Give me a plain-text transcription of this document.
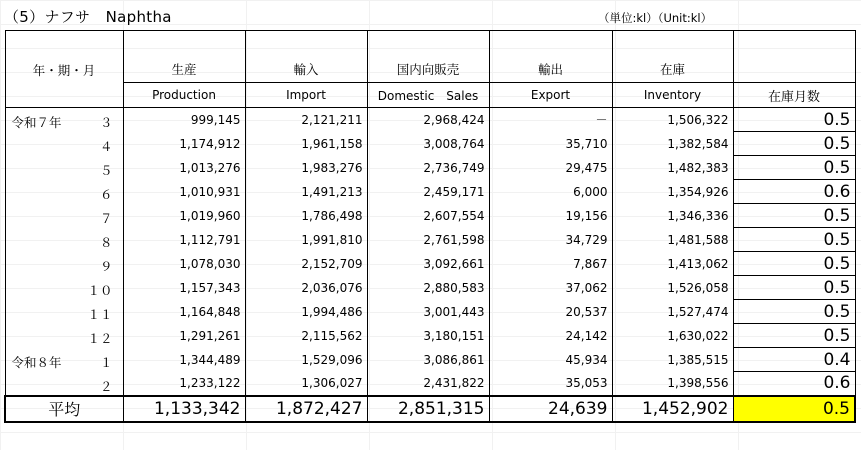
（5）ナフサ　Naphtha	（単位:kl）（Unit:kl）

年・期・月	生産	輸入	国内向販売	輸出	在庫	
	Production	Import	Domestic　Sales	Export	Inventory	在庫月数

令和７年 ３	999,145	2,121,211	2,968,424	－	1,506,322	0.5

４	1,174,912	1,961,158	3,008,764	35,710	1,382,584	0.5

５	1,013,276	1,983,276	2,736,749	29,475	1,482,383	0.5

６	1,010,931	1,491,213	2,459,171	6,000	1,354,926	0.6

７	1,019,960	1,786,498	2,607,554	19,156	1,346,336	0.5

８	1,112,791	1,991,810	2,761,598	34,729	1,481,588	0.5

９	1,078,030	2,152,709	3,092,661	7,867	1,413,062	0.5

１０	1,157,343	2,036,076	2,880,583	37,062	1,526,058	0.5

１１	1,164,848	1,994,486	3,001,443	20,537	1,527,474	0.5

１２	1,291,261	2,115,562	3,180,151	24,142	1,630,022	0.5

令和８年 １	1,344,489	1,529,096	3,086,861	45,934	1,385,515	0.4

２	1,233,122	1,306,027	2,431,822	35,053	1,398,556	0.6
平均	1,133,342	1,872,427	2,851,315	24,639	1,452,902	0.5
